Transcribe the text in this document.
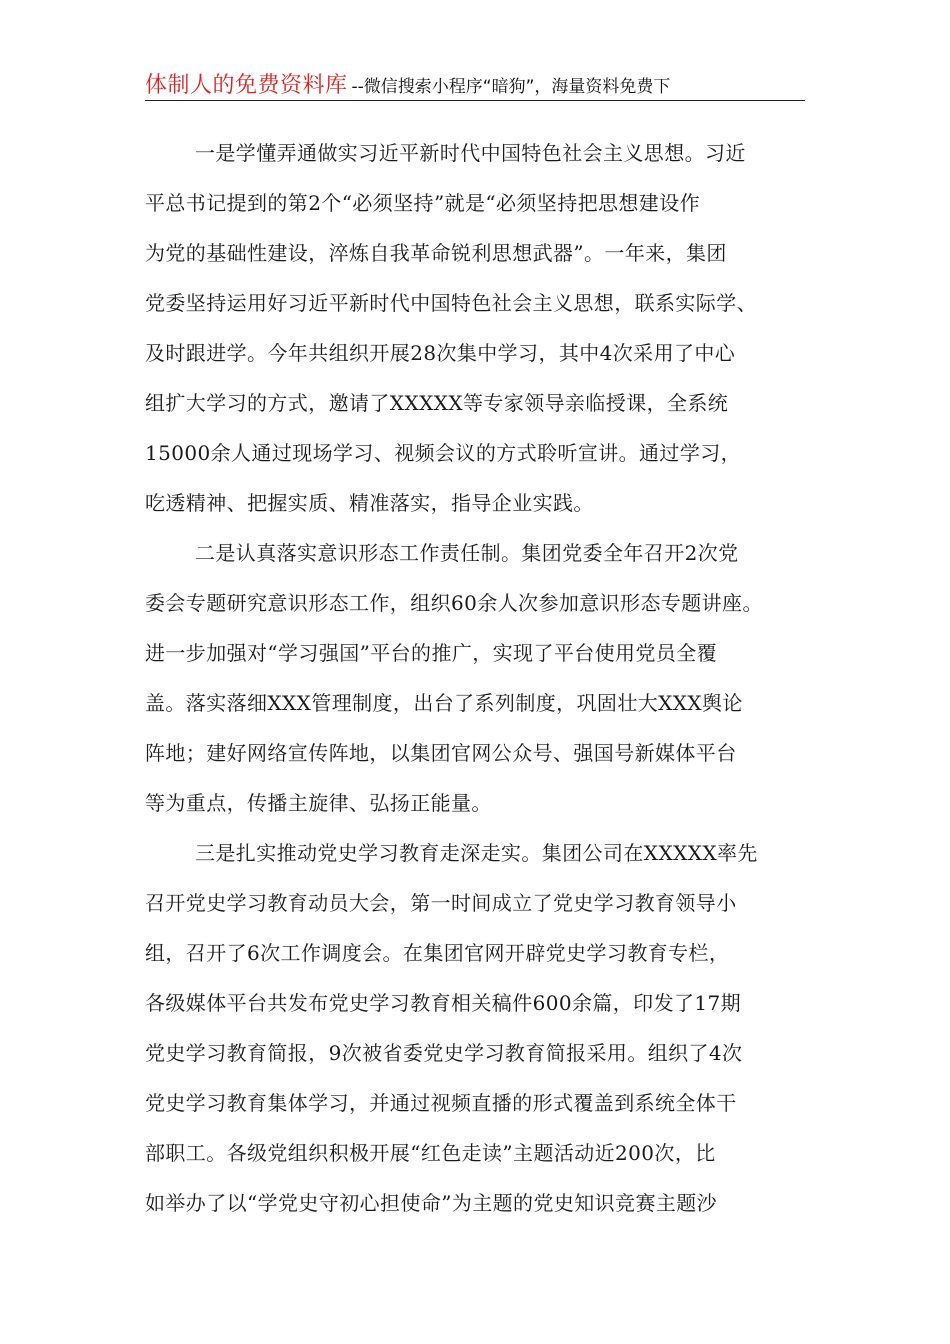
体制人的免费资料库 --微信搜索小程序“暗狗”，海量资料免费下
一是学懂弄通做实习近平新时代中国特色社会主义思想。习近
平总书记提到的第2个“必须坚持”就是“必须坚持把思想建设作
为党的基础性建设，淬炼自我革命锐利思想武器”。一年来，集团
党委坚持运用好习近平新时代中国特色社会主义思想，联系实际学、
及时跟进学。今年共组织开展28次集中学习，其中4次采用了中心
组扩大学习的方式，邀请了XXXXX等专家领导亲临授课，全系统
15000余人通过现场学习、视频会议的方式聆听宣讲。通过学习，
吃透精神、把握实质、精准落实，指导企业实践。
二是认真落实意识形态工作责任制。集团党委全年召开2次党
委会专题研究意识形态工作，组织60余人次参加意识形态专题讲座。
进一步加强对“学习强国”平台的推广，实现了平台使用党员全覆
盖。落实落细XXX管理制度，出台了系列制度，巩固壮大XXX舆论
阵地；建好网络宣传阵地，以集团官网公众号、强国号新媒体平台
等为重点，传播主旋律、弘扬正能量。
三是扎实推动党史学习教育走深走实。集团公司在XXXXX率先
召开党史学习教育动员大会，第一时间成立了党史学习教育领导小
组，召开了6次工作调度会。在集团官网开辟党史学习教育专栏，
各级媒体平台共发布党史学习教育相关稿件600余篇，印发了17期
党史学习教育简报，9次被省委党史学习教育简报采用。组织了4次
党史学习教育集体学习，并通过视频直播的形式覆盖到系统全体干
部职工。各级党组织积极开展“红色走读”主题活动近200次，比
如举办了以“学党史守初心担使命”为主题的党史知识竞赛主题沙
